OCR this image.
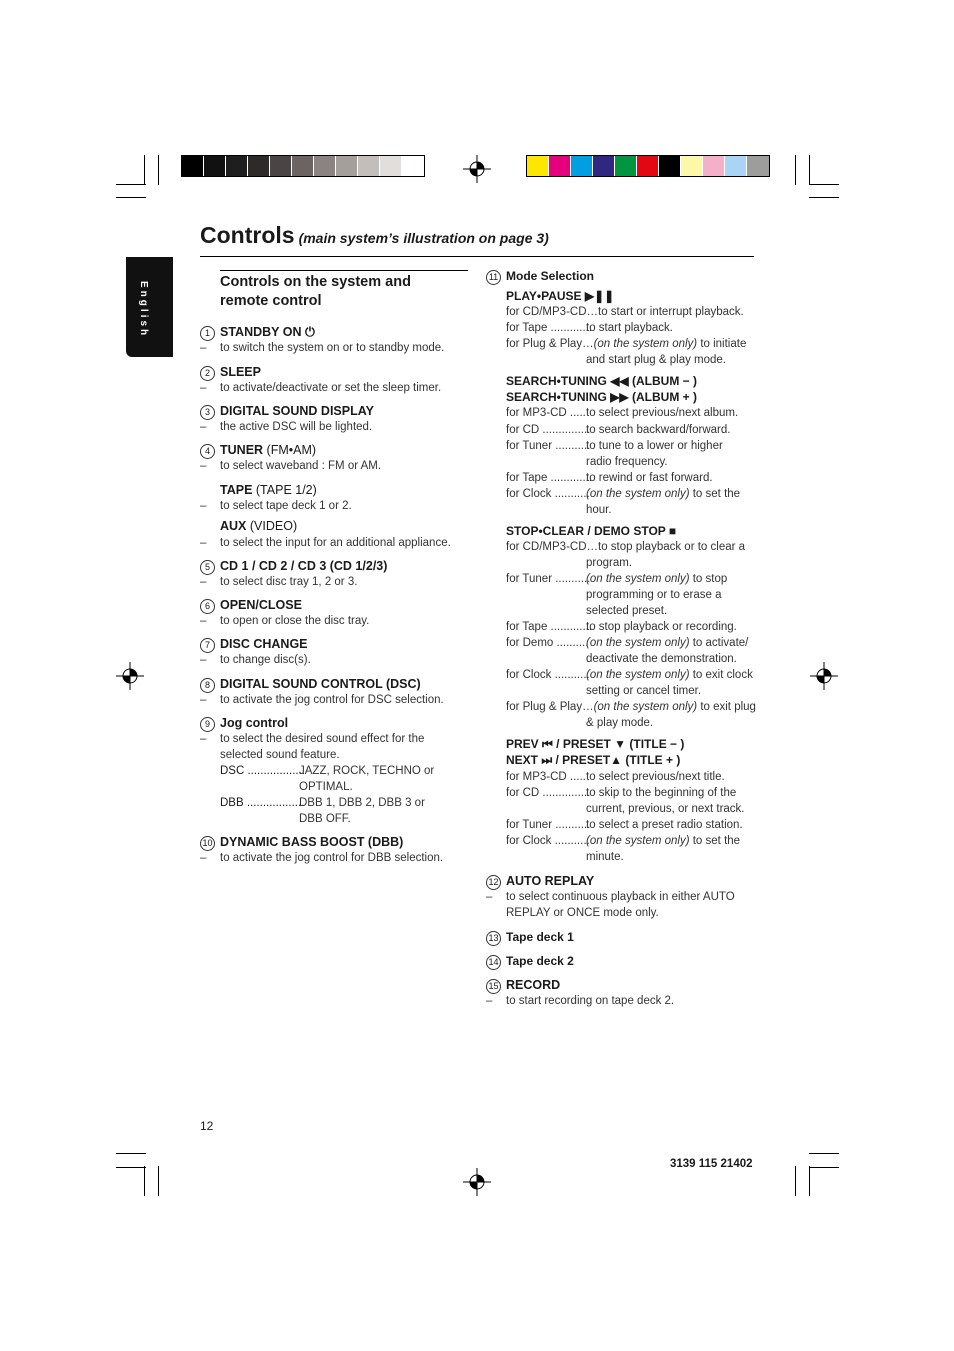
Controls (main system’s illustration on page 3)
English	Controls on the system and
remote control
1 STANDBY ON ⏻
– to switch the system on or to standby mode.
2 SLEEP
– to activate/deactivate or set the sleep timer.
3 DIGITAL SOUND DISPLAY
– the active DSC will be lighted.
4 TUNER (FM•AM)
– to select waveband : FM or AM.
TAPE (TAPE 1/2)
– to select tape deck 1 or 2.
AUX (VIDEO)
– to select the input for an additional appliance.
5 CD 1 / CD 2 / CD 3 (CD 1/2/3)
– to select disc tray 1, 2 or 3.
6 OPEN/CLOSE
– to open or close the disc tray.
7 DISC CHANGE
– to change disc(s).
8 DIGITAL SOUND CONTROL (DSC)
– to activate the jog control for DSC selection.
9 Jog control
– to select the desired sound effect for the
selected sound feature.
DSC ..................
JAZZ, ROCK, TECHNO or
OPTIMAL.
DBB ..................
DBB 1, DBB 2, DBB 3 or
DBB OFF.
10 DYNAMIC BASS BOOST (DBB)
– to activate the jog control for DBB selection.
11 Mode Selection
PLAY•PAUSE ▶❚❚
for CD/MP3-CD…to start or interrupt playback.
for Tape .............
to start playback.
for Plug & Play…(on the system only) to initiate
and start plug & play mode.
SEARCH•TUNING ◀◀ (ALBUM − )
SEARCH•TUNING ▶▶ (ALBUM + )
for MP3-CD ..... to select previous/next album.
for CD ...............
to search backward/forward.
for Tuner ...........
to tune to a lower or higher
radio frequency.
for Tape .............
to rewind or fast forward.
for Clock ...........
(on the system only) to set the
hour.
STOP•CLEAR / DEMO STOP ■
for CD/MP3-CD…to stop playback or to clear a
program.
for Tuner ...........
(on the system only) to stop
programming or to erase a
selected preset.
for Tape .............
to stop playback or recording.
for Demo ..........
(on the system only) to activate/
deactivate the demonstration.
for Clock ...........
(on the system only) to exit clock
setting or cancel timer.
for Plug & Play…(on the system only) to exit plug
& play mode.
PREV ⏮ / PRESET ▼ (TITLE − )
NEXT ⏭ / PRESET▲ (TITLE + )
for MP3-CD ..... to select previous/next title.
for CD ...............
to skip to the beginning of the
current, previous, or next track.
for Tuner ...........
to select a preset radio station.
for Clock ...........
(on the system only) to set the
minute.
12 AUTO REPLAY
– to select continuous playback in either AUTO
REPLAY or ONCE mode only.
13 Tape deck 1
14 Tape deck 2
15 RECORD
– to start recording on tape deck 2.
12
3139 115 21402
